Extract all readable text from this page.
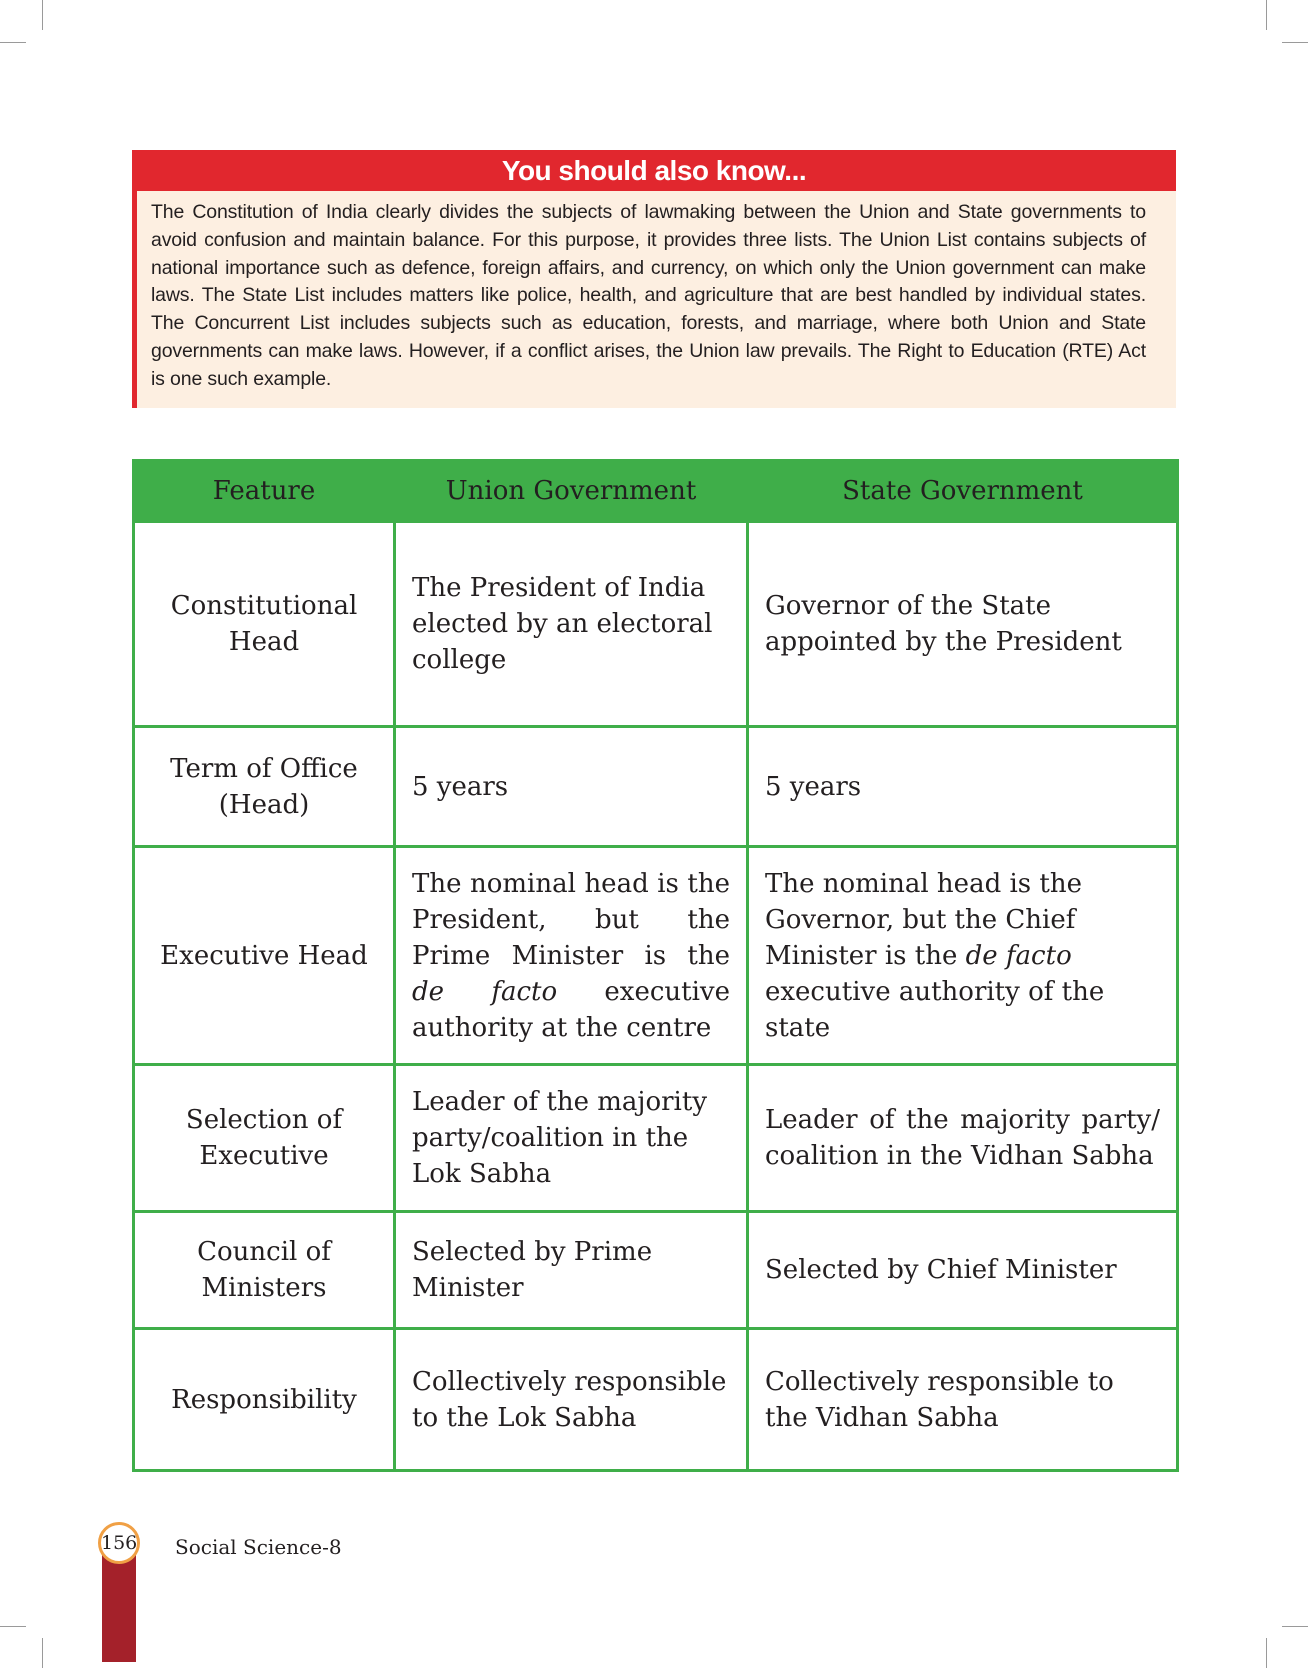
You should also know...
The Constitution of India clearly divides the subjects of lawmaking between the Union and State governments to avoid confusion and maintain balance. For this purpose, it provides three lists. The Union List contains subjects of national importance such as defence, foreign affairs, and currency, on which only the Union government can make laws. The State List includes matters like police, health, and agriculture that are best handled by individual states. The Concurrent List includes subjects such as education, forests, and marriage, where both Union and State governments can make laws. However, if a conflict arises, the Union law prevails. The Right to Education (RTE) Act is one such example.
Feature	Union Government	State Government
Constitutional Head	The President of India elected by an electoral college	Governor of the State appointed by the President
Term of Office (Head)	5 years	5 years
Executive Head	The nominal head is the President, but the Prime Minister is the de facto executive authority at the centre	The nominal head is the Governor, but the Chief Minister is the de facto executive authority of the state
Selection of Executive	Leader of the majority party/coalition in the Lok Sabha	Leader of the majority party/ coalition in the Vidhan Sabha
Council of Ministers	Selected by Prime Minister	Selected by Chief Minister
Responsibility	Collectively responsible to the Lok Sabha	Collectively responsible to the Vidhan Sabha
156 Social Science-8
